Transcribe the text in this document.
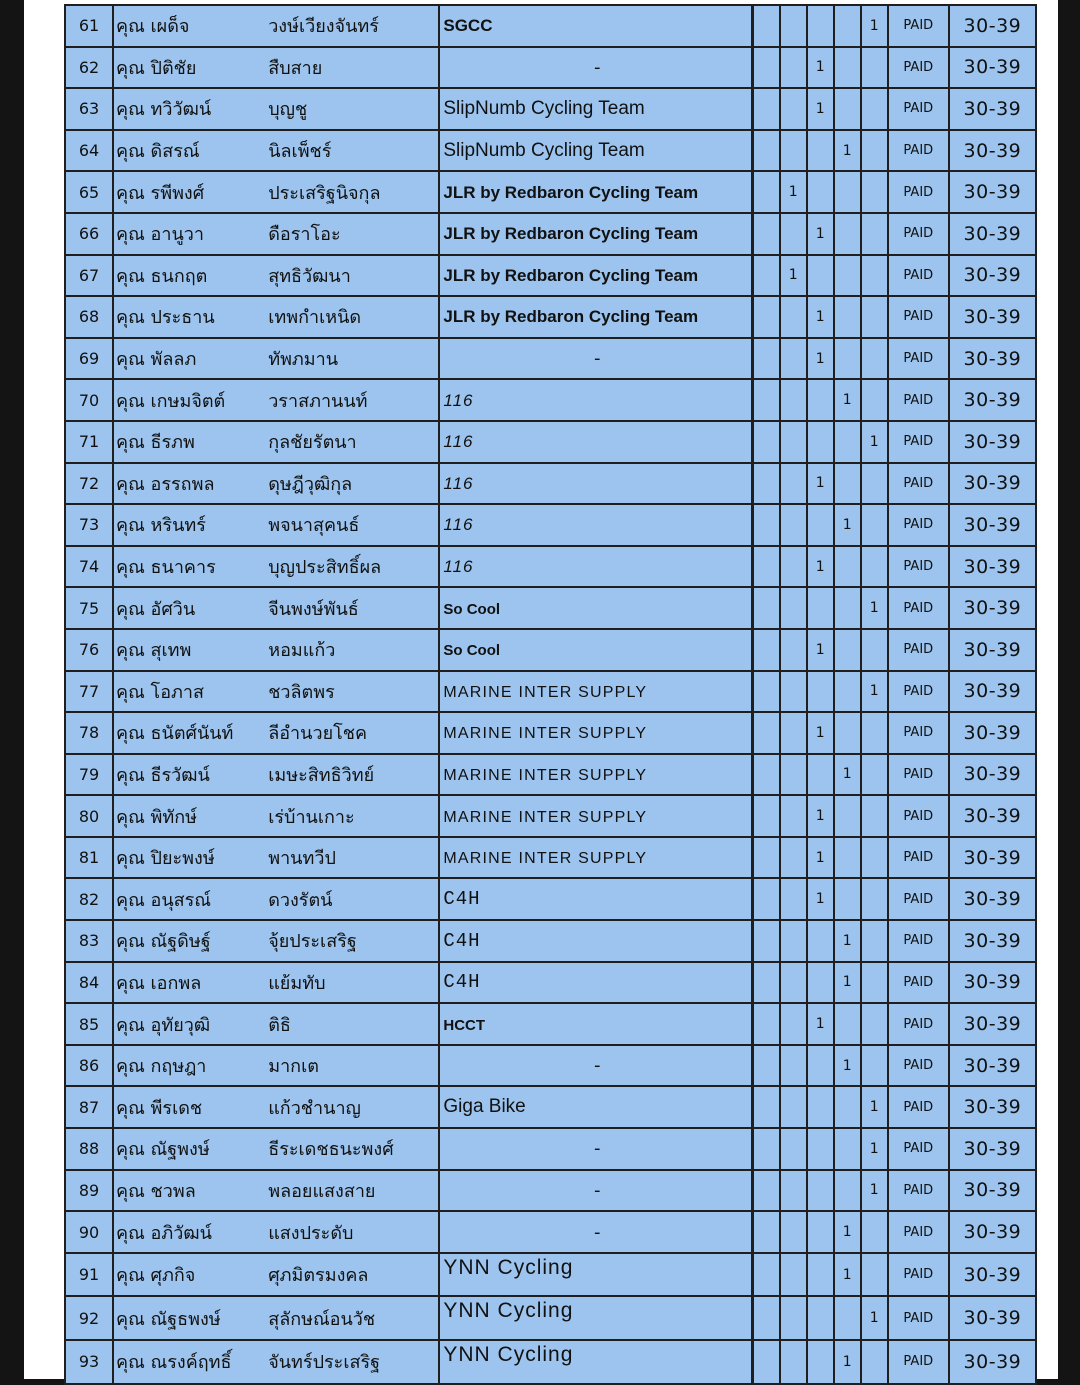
61	คุณ เผด็จ	วงษ์เวียงจันทร์	SGCC					1	PAID	30-39
62	คุณ ปิติชัย	สืบสาย	-			1			PAID	30-39
63	คุณ ทวิวัฒน์	บุญชู	SlipNumb Cycling Team			1			PAID	30-39
64	คุณ ดิสรณ์	นิลเพ็ชร์	SlipNumb Cycling Team				1		PAID	30-39
65	คุณ รพีพงศ์	ประเสริฐนิจกุล	JLR by Redbaron Cycling Team		1				PAID	30-39
66	คุณ อานูวา	ดือราโอะ	JLR by Redbaron Cycling Team			1			PAID	30-39
67	คุณ ธนกฤต	สุทธิวัฒนา	JLR by Redbaron Cycling Team		1				PAID	30-39
68	คุณ ประธาน	เทพกำเหนิด	JLR by Redbaron Cycling Team			1			PAID	30-39
69	คุณ พัลลภ	ทัพภมาน	-			1			PAID	30-39
70	คุณ เกษมจิตต์	วราสภานนท์	116				1		PAID	30-39
71	คุณ ธีรภพ	กุลชัยรัตนา	116					1	PAID	30-39
72	คุณ อรรถพล	ดุษฎีวุฒิกุล	116			1			PAID	30-39
73	คุณ หรินทร์	พจนาสุคนธ์	116				1		PAID	30-39
74	คุณ ธนาคาร	บุญประสิทธิ์ผล	116			1			PAID	30-39
75	คุณ อัศวิน	จีนพงษ์พันธ์	So Cool					1	PAID	30-39
76	คุณ สุเทพ	หอมแก้ว	So Cool			1			PAID	30-39
77	คุณ โอภาส	ชวลิตพร	MARINE INTER SUPPLY					1	PAID	30-39
78	คุณ ธนัตศ์นันท์	ลีอำนวยโชค	MARINE INTER SUPPLY			1			PAID	30-39
79	คุณ ธีรวัฒน์	เมษะสิทธิวิทย์	MARINE INTER SUPPLY				1		PAID	30-39
80	คุณ พิทักษ์	เร่บ้านเกาะ	MARINE INTER SUPPLY			1			PAID	30-39
81	คุณ ปิยะพงษ์	พานทวีป	MARINE INTER SUPPLY			1			PAID	30-39
82	คุณ อนุสรณ์	ดวงรัตน์	C4H			1			PAID	30-39
83	คุณ ณัฐดิษฐ์	จุ้ยประเสริฐ	C4H				1		PAID	30-39
84	คุณ เอกพล	แย้มทับ	C4H				1		PAID	30-39
85	คุณ อุทัยวุฒิ	ติธิ	HCCT			1			PAID	30-39
86	คุณ กฤษฎา	มากเต	-				1		PAID	30-39
87	คุณ พีรเดช	แก้วชำนาญ	Giga Bike					1	PAID	30-39
88	คุณ ณัฐพงษ์	ธีระเดชธนะพงศ์	-					1	PAID	30-39
89	คุณ ชวพล	พลอยแสงสาย	-					1	PAID	30-39
90	คุณ อภิวัฒน์	แสงประดับ	-				1		PAID	30-39
91	คุณ ศุภกิจ	ศุภมิตรมงคล	YNN Cycling				1		PAID	30-39
92	คุณ ณัฐธพงษ์	สุลักษณ์อนวัช	YNN Cycling					1	PAID	30-39
93	คุณ ณรงค์ฤทธิ์	จันทร์ประเสริฐ	YNN Cycling				1		PAID	30-39
